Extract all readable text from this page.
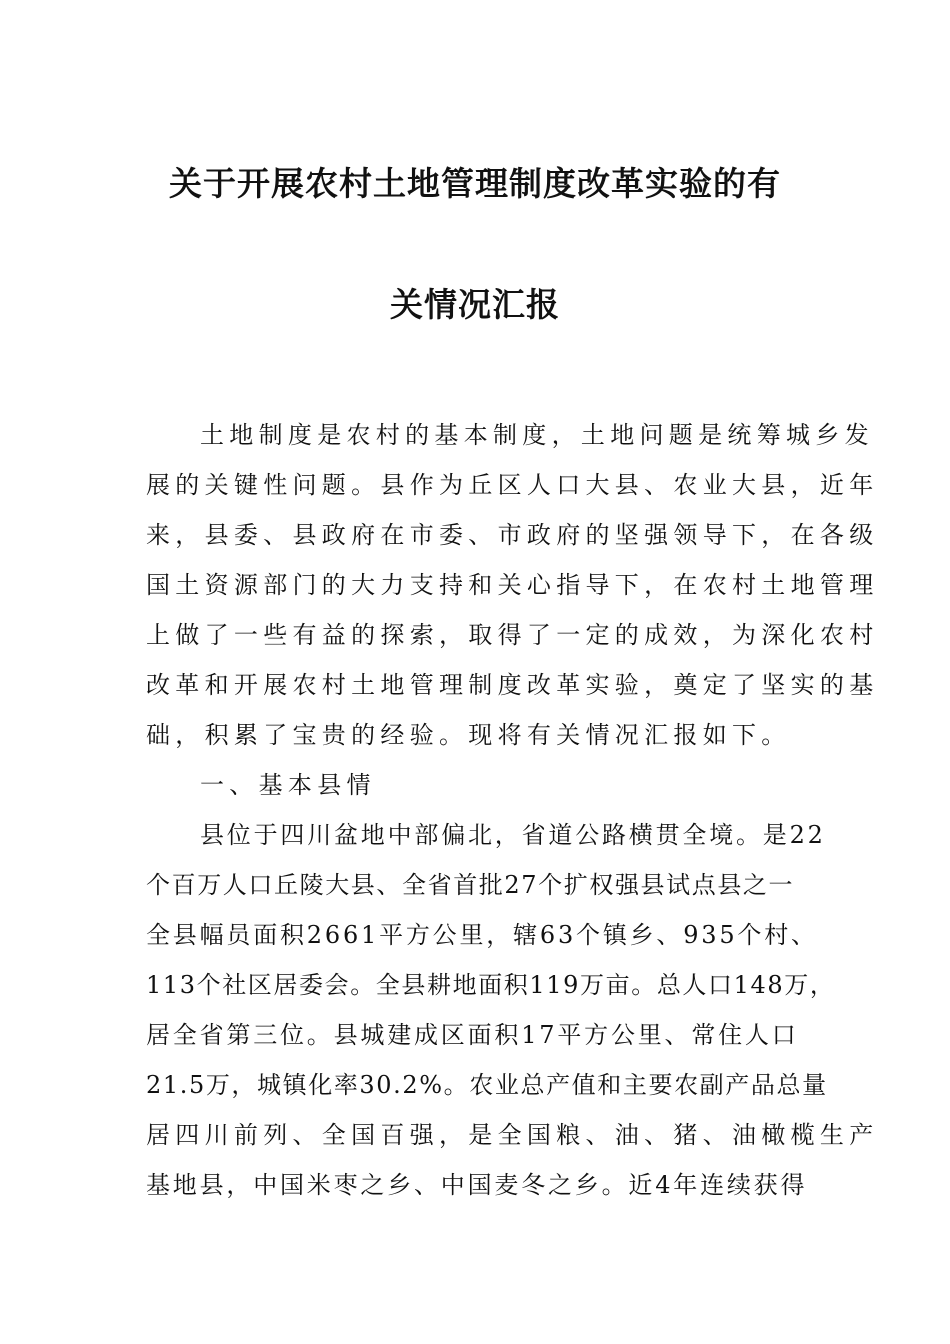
关于开展农村土地管理制度改革实验的有
关情况汇报
土地制度是农村的基本制度，土地问题是统筹城乡发
展的关键性问题。县作为丘区人口大县、农业大县，近年
来，县委、县政府在市委、市政府的坚强领导下，在各级
国土资源部门的大力支持和关心指导下，在农村土地管理
上做了一些有益的探索，取得了一定的成效，为深化农村
改革和开展农村土地管理制度改革实验，奠定了坚实的基
础，积累了宝贵的经验。现将有关情况汇报如下。
一、基本县情
县位于四川盆地中部偏北，省道公路横贯全境。是22
个百万人口丘陵大县、全省首批27个扩权强县试点县之一
全县幅员面积2661平方公里，辖63个镇乡、935个村、
113个社区居委会。全县耕地面积119万亩。总人口148万，
居全省第三位。县城建成区面积17平方公里、常住人口
21.5万，城镇化率30.2%。农业总产值和主要农副产品总量
居四川前列、全国百强，是全国粮、油、猪、油橄榄生产
基地县，中国米枣之乡、中国麦冬之乡。近4年连续获得
